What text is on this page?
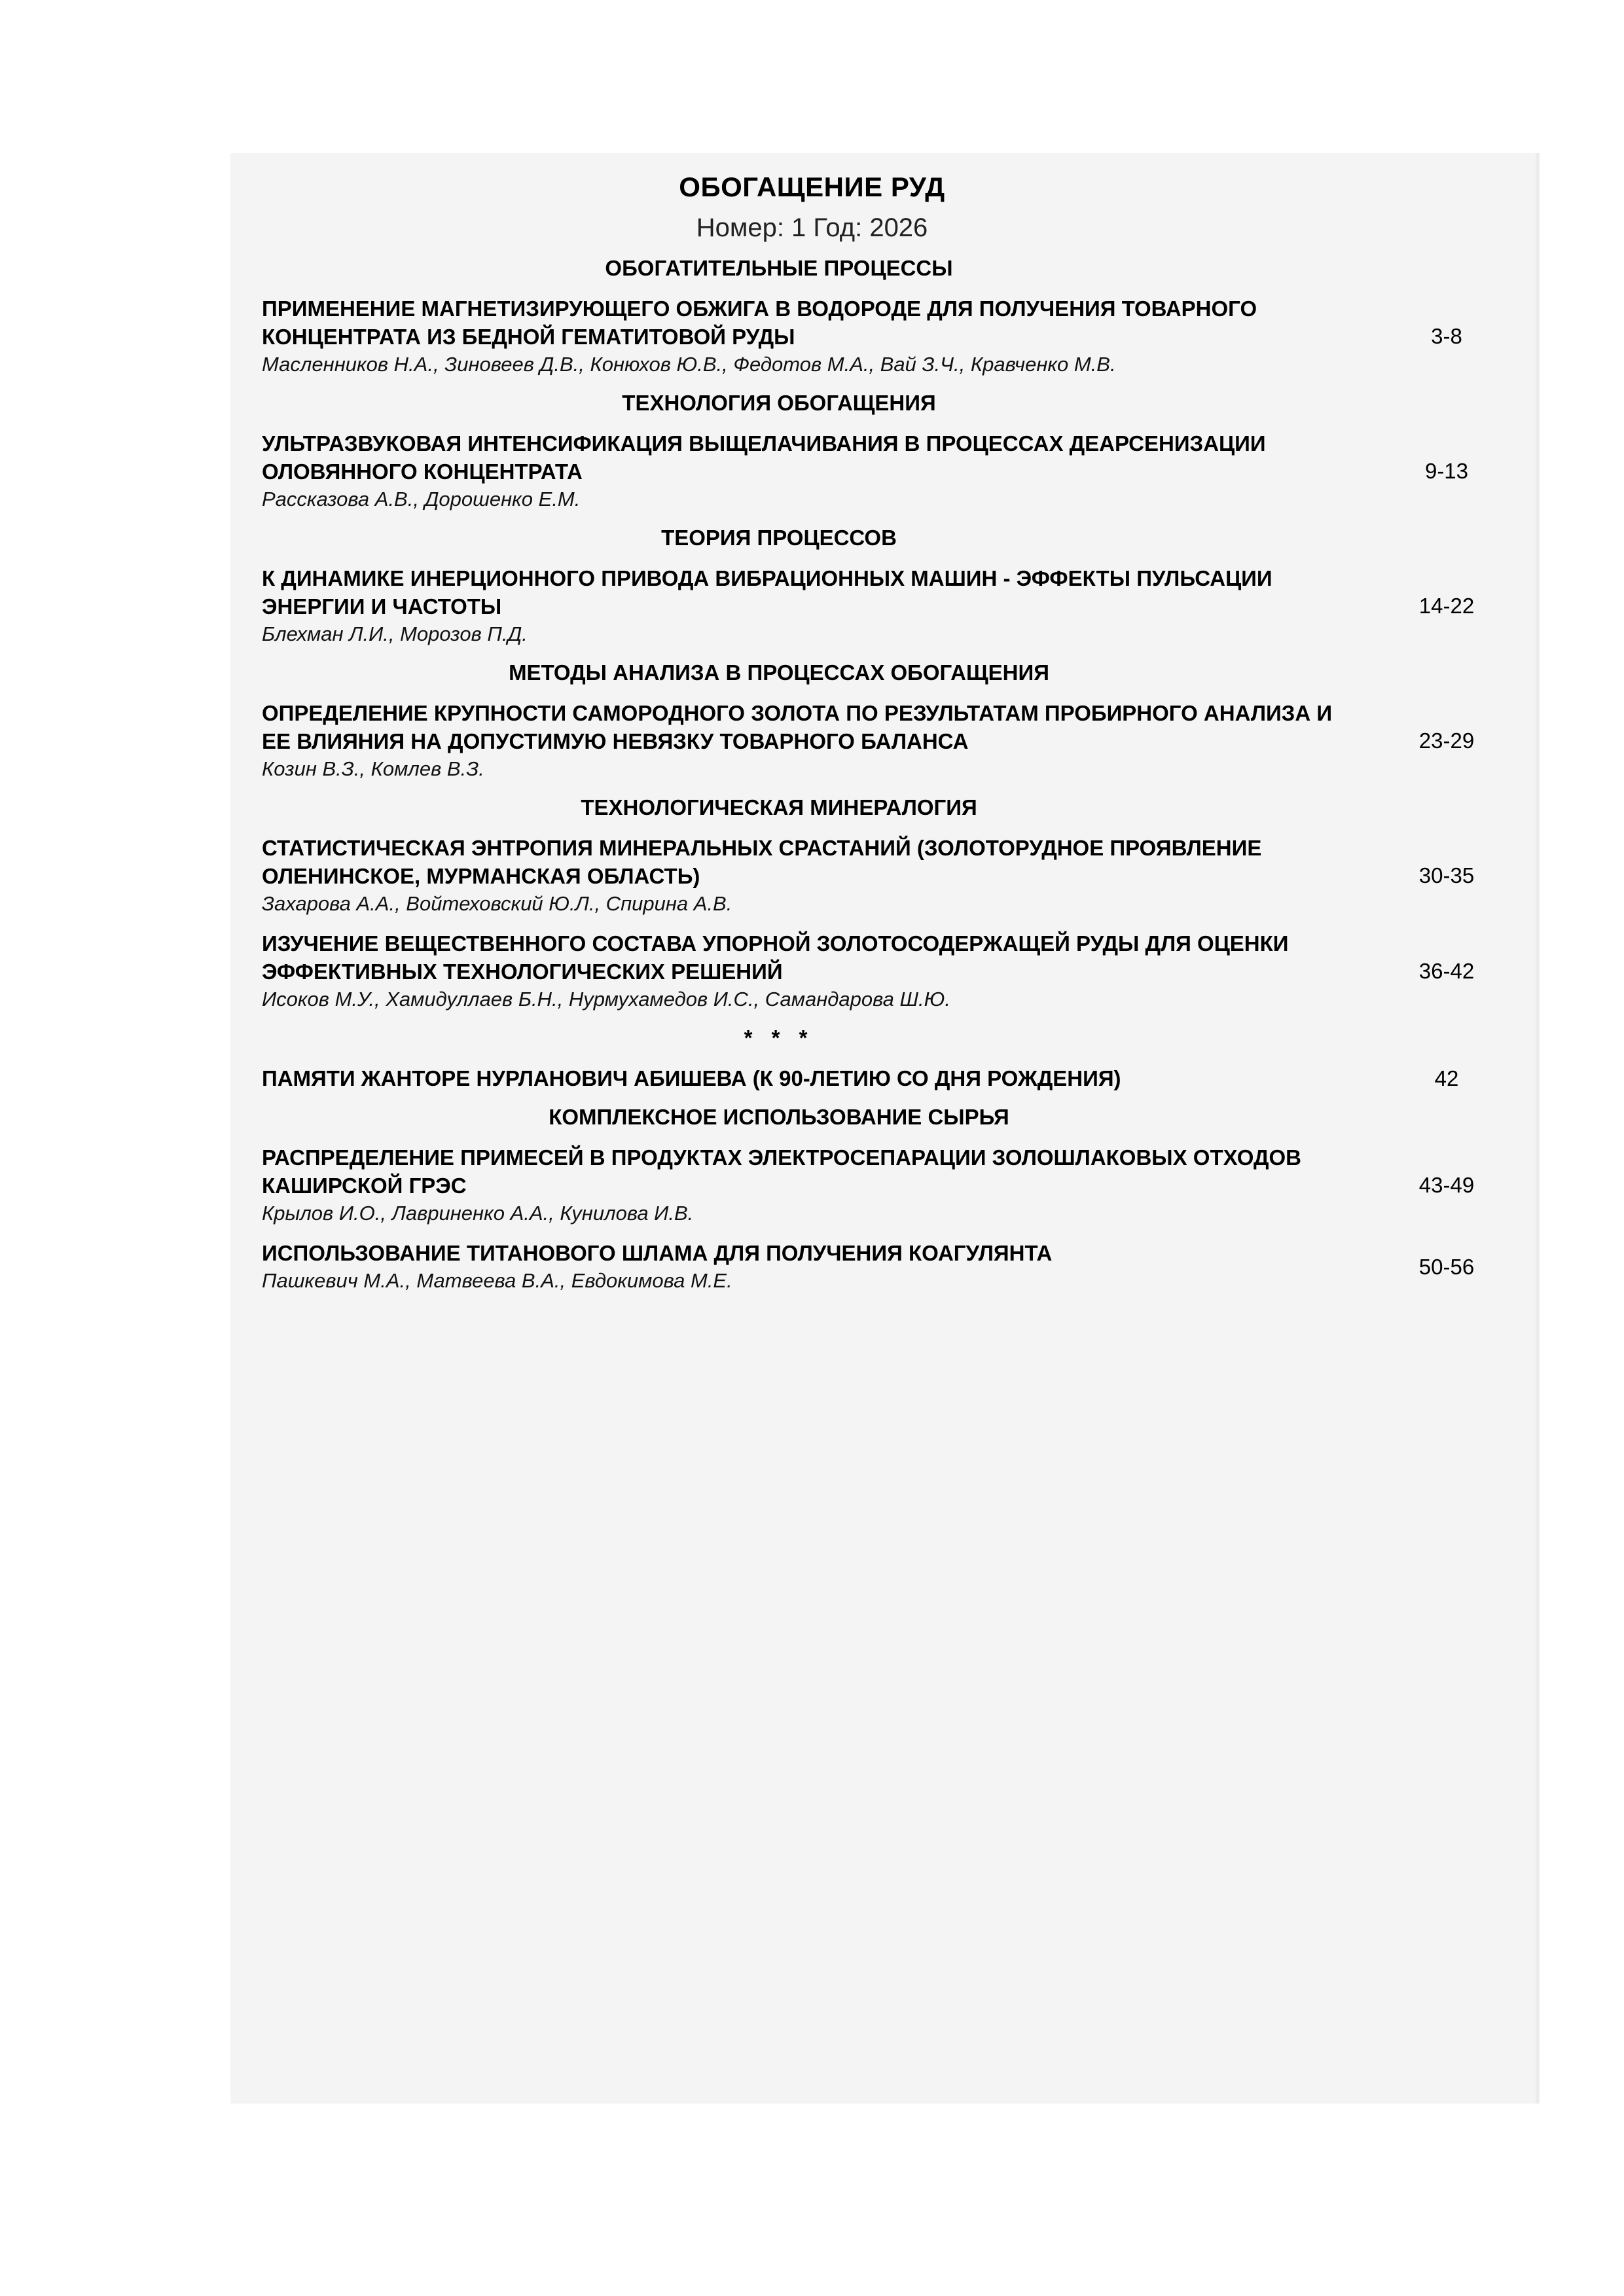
ОБОГАЩЕНИЕ РУД
Номер: 1 Год: 2026
ОБОГАТИТЕЛЬНЫЕ ПРОЦЕССЫ
ПРИМЕНЕНИЕ МАГНЕТИЗИРУЮЩЕГО ОБЖИГА В ВОДОРОДЕ ДЛЯ ПОЛУЧЕНИЯ ТОВАРНОГО КОНЦЕНТРАТА ИЗ БЕДНОЙ ГЕМАТИТОВОЙ РУДЫ
Масленников Н.А., Зиновеев Д.В., Конюхов Ю.В., Федотов М.А., Вай З.Ч., Кравченко М.В.
3-8
ТЕХНОЛОГИЯ ОБОГАЩЕНИЯ
УЛЬТРАЗВУКОВАЯ ИНТЕНСИФИКАЦИЯ ВЫЩЕЛАЧИВАНИЯ В ПРОЦЕССАХ ДЕАРСЕНИЗАЦИИ ОЛОВЯННОГО КОНЦЕНТРАТА
Рассказова А.В., Дорошенко Е.М.
9-13
ТЕОРИЯ ПРОЦЕССОВ
К ДИНАМИКЕ ИНЕРЦИОННОГО ПРИВОДА ВИБРАЦИОННЫХ МАШИН - ЭФФЕКТЫ ПУЛЬСАЦИИ ЭНЕРГИИ И ЧАСТОТЫ
Блехман Л.И., Морозов П.Д.
14-22
МЕТОДЫ АНАЛИЗА В ПРОЦЕССАХ ОБОГАЩЕНИЯ
ОПРЕДЕЛЕНИЕ КРУПНОСТИ САМОРОДНОГО ЗОЛОТА ПО РЕЗУЛЬТАТАМ ПРОБИРНОГО АНАЛИЗА И ЕЕ ВЛИЯНИЯ НА ДОПУСТИМУЮ НЕВЯЗКУ ТОВАРНОГО БАЛАНСА
Козин В.З., Комлев В.З.
23-29
ТЕХНОЛОГИЧЕСКАЯ МИНЕРАЛОГИЯ
СТАТИСТИЧЕСКАЯ ЭНТРОПИЯ МИНЕРАЛЬНЫХ СРАСТАНИЙ (ЗОЛОТОРУДНОЕ ПРОЯВЛЕНИЕ ОЛЕНИНСКОЕ, МУРМАНСКАЯ ОБЛАСТЬ)
Захарова А.А., Войтеховский Ю.Л., Спирина А.В.
30-35
ИЗУЧЕНИЕ ВЕЩЕСТВЕННОГО СОСТАВА УПОРНОЙ ЗОЛОТОСОДЕРЖАЩЕЙ РУДЫ ДЛЯ ОЦЕНКИ ЭФФЕКТИВНЫХ ТЕХНОЛОГИЧЕСКИХ РЕШЕНИЙ
Исоков М.У., Хамидуллаев Б.Н., Нурмухамедов И.С., Самандарова Ш.Ю.
36-42
* * *
ПАМЯТИ ЖАНТОРЕ НУРЛАНОВИЧ АБИШЕВА (К 90-ЛЕТИЮ СО ДНЯ РОЖДЕНИЯ)	42
КОМПЛЕКСНОЕ ИСПОЛЬЗОВАНИЕ СЫРЬЯ
РАСПРЕДЕЛЕНИЕ ПРИМЕСЕЙ В ПРОДУКТАХ ЭЛЕКТРОСЕПАРАЦИИ ЗОЛОШЛАКОВЫХ ОТХОДОВ КАШИРСКОЙ ГРЭС
Крылов И.О., Лавриненко А.А., Кунилова И.В.
43-49
ИСПОЛЬЗОВАНИЕ ТИТАНОВОГО ШЛАМА ДЛЯ ПОЛУЧЕНИЯ КОАГУЛЯНТА
Пашкевич М.А., Матвеева В.А., Евдокимова М.Е.
50-56
